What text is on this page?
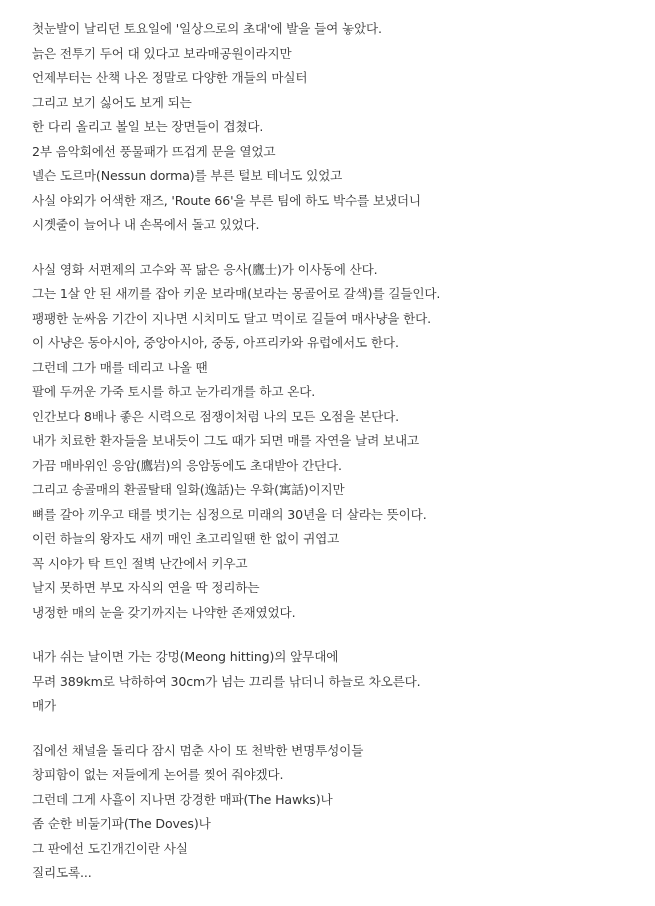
첫눈발이 날리던 토요일에 '일상으로의 초대'에 발을 들여 놓았다.
늙은 전투기 두어 대 있다고 보라매공원이라지만
언제부터는 산책 나온 정말로 다양한 개들의 마실터
그리고 보기 싫어도 보게 되는
한 다리 올리고 볼일 보는 장면들이 겹쳤다.
2부 음악회에선 풍물패가 뜨겁게 문을 열었고
넬슨 도르마(Nessun dorma)를 부른 털보 테너도 있었고
사실 야외가 어색한 재즈, 'Route 66'을 부른 팀에 하도 박수를 보냈더니
시곗줄이 늘어나 내 손목에서 돌고 있었다.
사실 영화 서편제의 고수와 꼭 닮은 응사(鷹士)가 이사동에 산다.
그는 1살 안 된 새끼를 잡아 키운 보라매(보라는 몽골어로 갈색)를 길들인다.
팽팽한 눈싸움 기간이 지나면 시치미도 달고 먹이로 길들여 매사냥을 한다.
이 사냥은 동아시아, 중앙아시아, 중동, 아프리카와 유럽에서도 한다.
그런데 그가 매를 데리고 나올 땐
팔에 두꺼운 가죽 토시를 하고 눈가리개를 하고 온다.
인간보다 8배나 좋은 시력으로 점쟁이처럼 나의 모든 오점을 본단다.
내가 치료한 환자들을 보내듯이 그도 때가 되면 매를 자연을 날려 보내고
가끔 매바위인 응암(鷹岩)의 응암동에도 초대받아 간단다.
그리고 송골매의 환골탈태 일화(逸話)는 우화(寓話)이지만
뼈를 갈아 끼우고 태를 벗기는 심정으로 미래의 30년을 더 살라는 뜻이다.
이런 하늘의 왕자도 새끼 매인 초고리일땐 한 없이 귀엽고
꼭 시야가 탁 트인 절벽 난간에서 키우고
날지 못하면 부모 자식의 연을 딱 정리하는
냉정한 매의 눈을 갖기까지는 나약한 존재였었다.
내가 쉬는 날이면 가는 강멍(Meong hitting)의 앞무대에
무려 389km로 낙하하여 30cm가 넘는 끄리를 낚더니 하늘로 차오른다.
매가
집에선 채널을 돌리다 잠시 멈춘 사이 또 천박한 변명투성이들
창피함이 없는 저들에게 논어를 찢어 줘야겠다.
그런데 그게 사흘이 지나면 강경한 매파(The Hawks)나
좀 순한 비둘기파(The Doves)나
그 판에선 도긴개긴이란 사실
질리도록...
